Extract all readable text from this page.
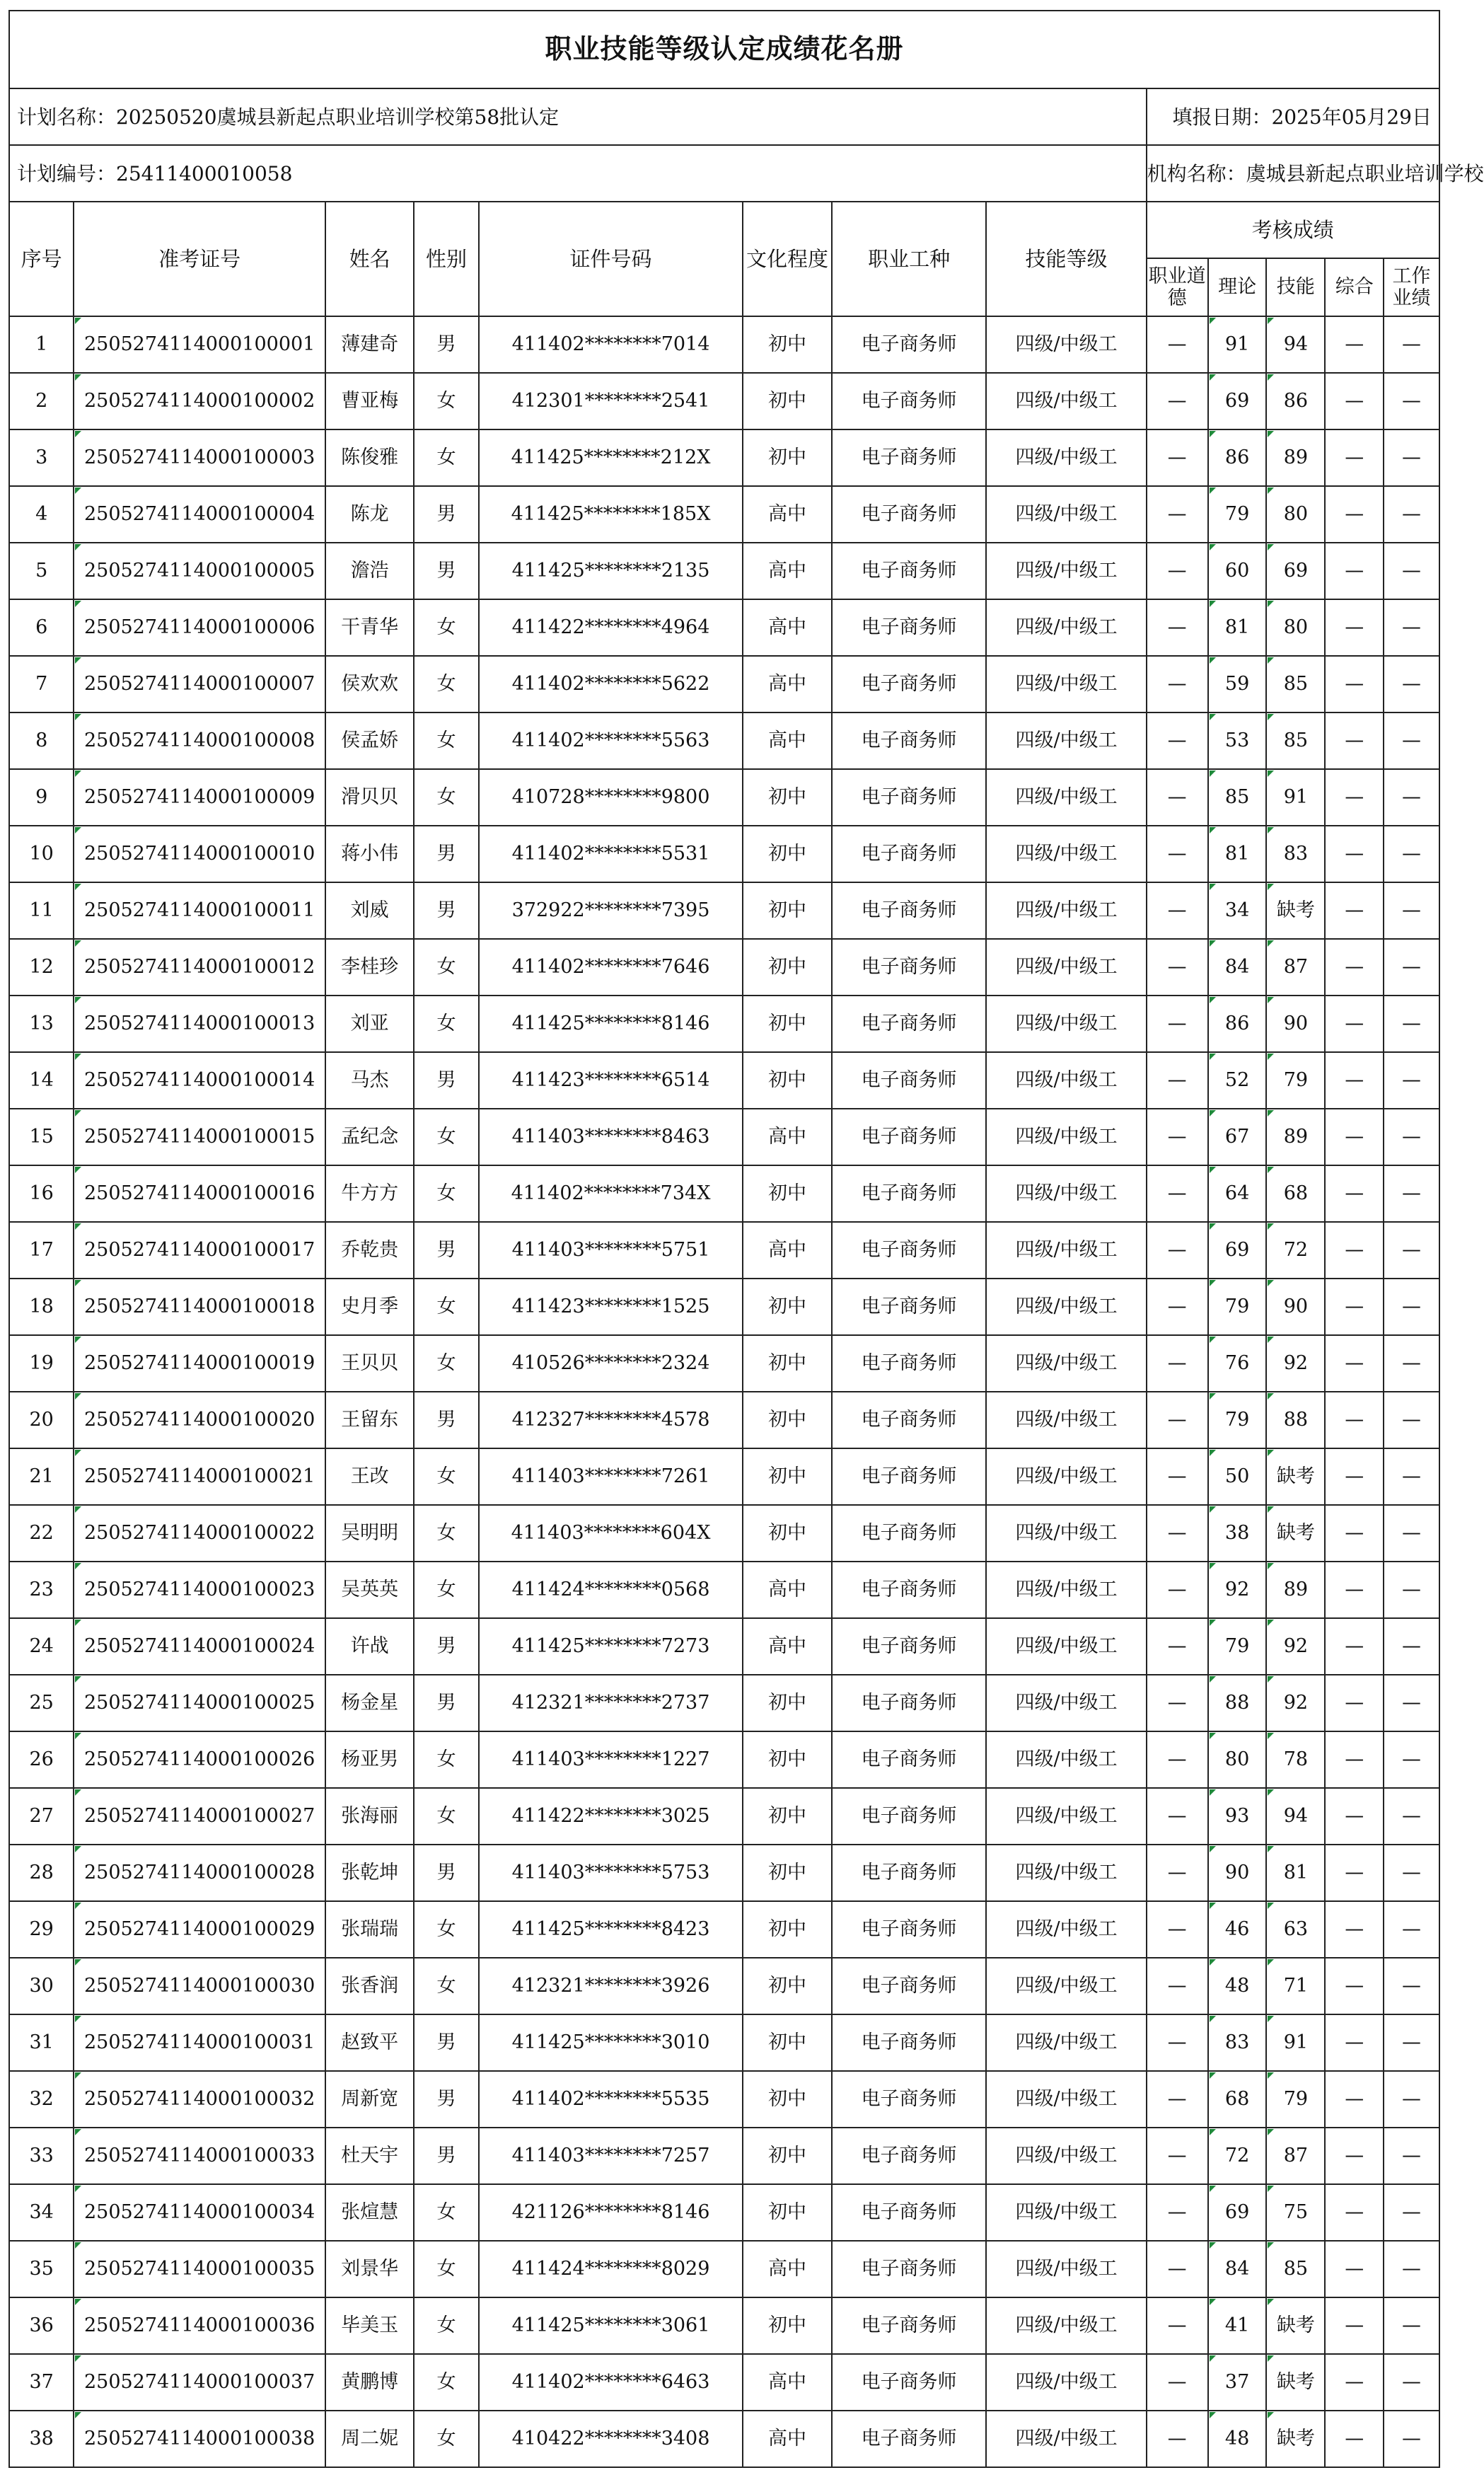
职业技能等级认定成绩花名册												
计划名称：20250520虞城县新起点职业培训学校第58批认定								填报日期：2025年05月29日				
计划编号：25411400010058								机构名称：虞城县新起点职业培训学校				
序号	准考证号	姓名	性别	证件号码	文化程度	职业工种	技能等级	考核成绩				
								职业道德	理论	技能	综合	工作业绩
1	2505274114000100001	薄建奇	男	411402********7014	初中	电子商务师	四级/中级工	—	91	94	—	—
2	2505274114000100002	曹亚梅	女	412301********2541	初中	电子商务师	四级/中级工	—	69	86	—	—
3	2505274114000100003	陈俊雅	女	411425********212X	初中	电子商务师	四级/中级工	—	86	89	—	—
4	2505274114000100004	陈龙	男	411425********185X	高中	电子商务师	四级/中级工	—	79	80	—	—
5	2505274114000100005	澹浩	男	411425********2135	高中	电子商务师	四级/中级工	—	60	69	—	—
6	2505274114000100006	干青华	女	411422********4964	高中	电子商务师	四级/中级工	—	81	80	—	—
7	2505274114000100007	侯欢欢	女	411402********5622	高中	电子商务师	四级/中级工	—	59	85	—	—
8	2505274114000100008	侯孟娇	女	411402********5563	高中	电子商务师	四级/中级工	—	53	85	—	—
9	2505274114000100009	滑贝贝	女	410728********9800	初中	电子商务师	四级/中级工	—	85	91	—	—
10	2505274114000100010	蒋小伟	男	411402********5531	初中	电子商务师	四级/中级工	—	81	83	—	—
11	2505274114000100011	刘威	男	372922********7395	初中	电子商务师	四级/中级工	—	34	缺考	—	—
12	2505274114000100012	李桂珍	女	411402********7646	初中	电子商务师	四级/中级工	—	84	87	—	—
13	2505274114000100013	刘亚	女	411425********8146	初中	电子商务师	四级/中级工	—	86	90	—	—
14	2505274114000100014	马杰	男	411423********6514	初中	电子商务师	四级/中级工	—	52	79	—	—
15	2505274114000100015	孟纪念	女	411403********8463	高中	电子商务师	四级/中级工	—	67	89	—	—
16	2505274114000100016	牛方方	女	411402********734X	初中	电子商务师	四级/中级工	—	64	68	—	—
17	2505274114000100017	乔乾贵	男	411403********5751	高中	电子商务师	四级/中级工	—	69	72	—	—
18	2505274114000100018	史月季	女	411423********1525	初中	电子商务师	四级/中级工	—	79	90	—	—
19	2505274114000100019	王贝贝	女	410526********2324	初中	电子商务师	四级/中级工	—	76	92	—	—
20	2505274114000100020	王留东	男	412327********4578	初中	电子商务师	四级/中级工	—	79	88	—	—
21	2505274114000100021	王改	女	411403********7261	初中	电子商务师	四级/中级工	—	50	缺考	—	—
22	2505274114000100022	吴明明	女	411403********604X	初中	电子商务师	四级/中级工	—	38	缺考	—	—
23	2505274114000100023	吴英英	女	411424********0568	高中	电子商务师	四级/中级工	—	92	89	—	—
24	2505274114000100024	许战	男	411425********7273	高中	电子商务师	四级/中级工	—	79	92	—	—
25	2505274114000100025	杨金星	男	412321********2737	初中	电子商务师	四级/中级工	—	88	92	—	—
26	2505274114000100026	杨亚男	女	411403********1227	初中	电子商务师	四级/中级工	—	80	78	—	—
27	2505274114000100027	张海丽	女	411422********3025	初中	电子商务师	四级/中级工	—	93	94	—	—
28	2505274114000100028	张乾坤	男	411403********5753	初中	电子商务师	四级/中级工	—	90	81	—	—
29	2505274114000100029	张瑞瑞	女	411425********8423	初中	电子商务师	四级/中级工	—	46	63	—	—
30	2505274114000100030	张香润	女	412321********3926	初中	电子商务师	四级/中级工	—	48	71	—	—
31	2505274114000100031	赵致平	男	411425********3010	初中	电子商务师	四级/中级工	—	83	91	—	—
32	2505274114000100032	周新宽	男	411402********5535	初中	电子商务师	四级/中级工	—	68	79	—	—
33	2505274114000100033	杜天宇	男	411403********7257	初中	电子商务师	四级/中级工	—	72	87	—	—
34	2505274114000100034	张煊慧	女	421126********8146	初中	电子商务师	四级/中级工	—	69	75	—	—
35	2505274114000100035	刘景华	女	411424********8029	高中	电子商务师	四级/中级工	—	84	85	—	—
36	2505274114000100036	毕美玉	女	411425********3061	初中	电子商务师	四级/中级工	—	41	缺考	—	—
37	2505274114000100037	黄鹏博	女	411402********6463	高中	电子商务师	四级/中级工	—	37	缺考	—	—
38	2505274114000100038	周二妮	女	410422********3408	高中	电子商务师	四级/中级工	—	48	缺考	—	—
